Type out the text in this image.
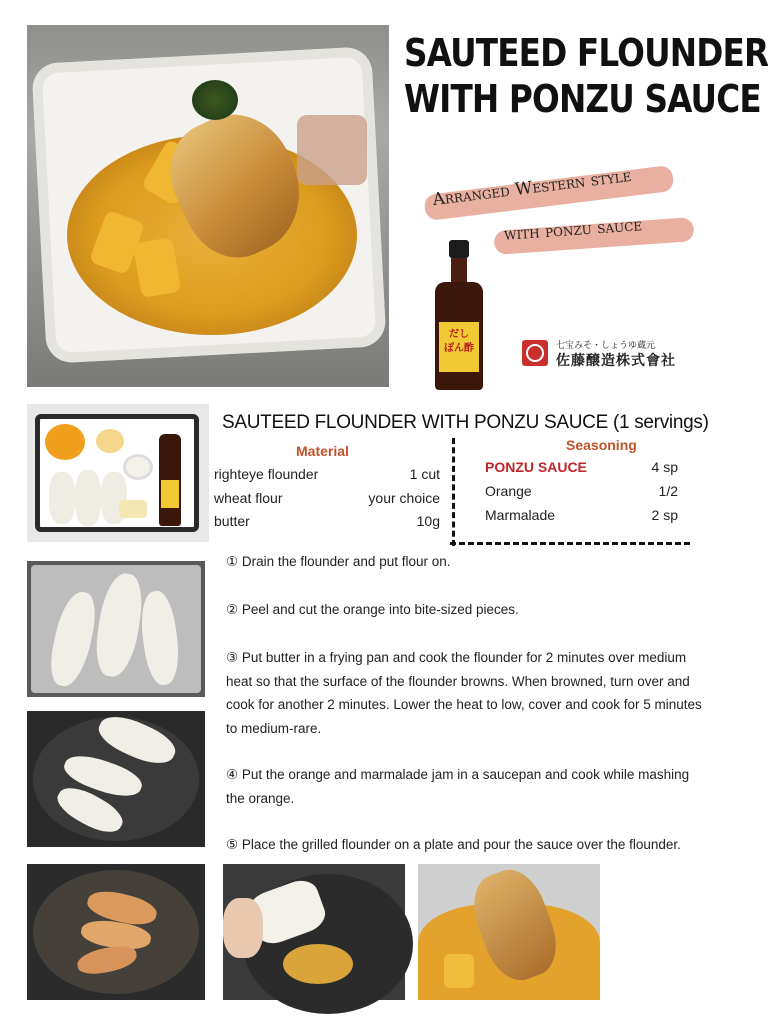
SAUTEED FLOUNDER
WITH PONZU SAUCE
Arranged Western style
with ponzu sauce
だし
ぽん酢	七宝みそ・しょうゆ蔵元
佐藤醸造株式會社
SAUTEED FLOUNDER WITH PONZU SAUCE (1 servings)
Material
righteye flounder	1 cut
wheat flour	your choice
butter	10g
Seasoning
PONZU SAUCE	4 sp
Orange	1/2
Marmalade	2 sp
① Drain the flounder and put flour on.
② Peel and cut the orange into bite-sized pieces.
③ Put butter in a frying pan and cook the flounder for 2 minutes over medium heat so that the surface of the flounder browns. When browned, turn over and cook for another 2 minutes. Lower the heat to low, cover and cook for 5 minutes to medium-rare.
④ Put the orange and marmalade jam in a saucepan and cook while mashing the orange.
⑤ Place the grilled flounder on a plate and pour the sauce over the flounder.
